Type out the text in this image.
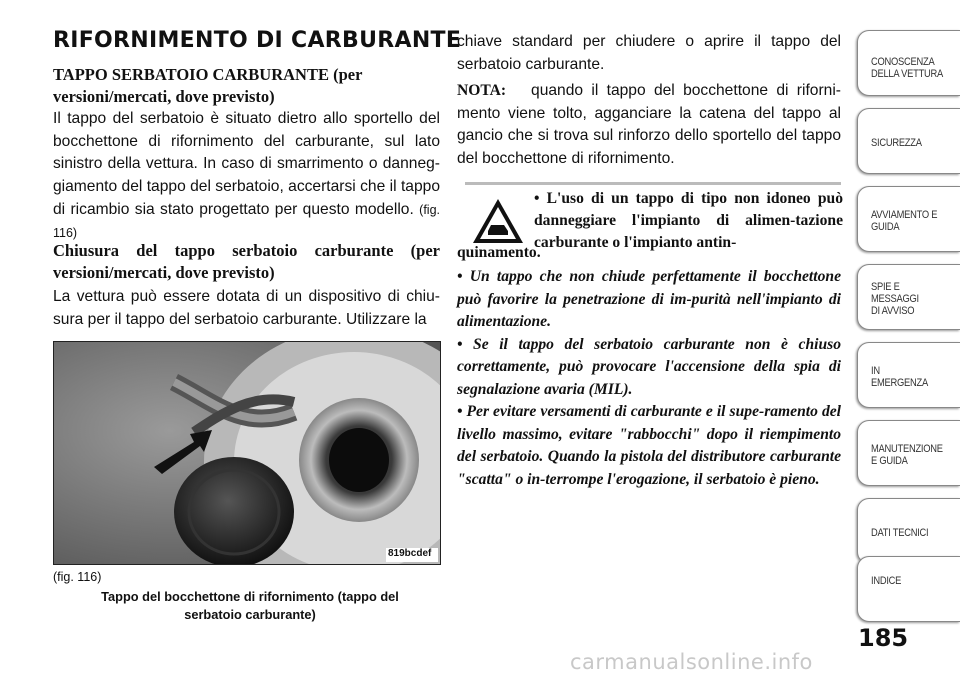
RIFORNIMENTO DI CARBURANTE
TAPPO SERBATOIO CARBURANTE (per versioni/mercati, dove previsto)
Il tappo del serbatoio è situato dietro allo sportello del bocchettone di rifornimento del carburante, sul lato sinistro della vettura. In caso di smarrimento o danneg-giamento del tappo del serbatoio, accertarsi che il tappo di ricambio sia stato progettato per questo modello. (fig. 116)
Chiusura del tappo serbatoio carburante (per versioni/mercati, dove previsto)
La vettura può essere dotata di un dispositivo di chiu-sura per il tappo del serbatoio carburante. Utilizzare la
819bcdef
(fig. 116)
Tappo del bocchettone di rifornimento (tappo del serbatoio carburante)
chiave standard per chiudere o aprire il tappo del serbatoio carburante.
NOTA: quando il tappo del bocchettone di riforni-mento viene tolto, agganciare la catena del tappo al gancio che si trova sul rinforzo dello sportello del tappo del bocchettone di rifornimento.
• L'uso di un tappo di tipo non idoneo può danneggiare l'impianto di alimen-tazione carburante o l'impianto antin-
quinamento.

• Un tappo che non chiude perfettamente il bocchettone può favorire la penetrazione di im-purità nell'impianto di alimentazione.

• Se il tappo del serbatoio carburante non è chiuso correttamente, può provocare l'accensione della spia di segnalazione avaria (MIL).

• Per evitare versamenti di carburante e il supe-ramento del livello massimo, evitare "rabbocchi" dopo il riempimento del serbatoio. Quando la pistola del distributore carburante "scatta" o in-terrompe l'erogazione, il serbatoio è pieno.

CONOSCENZA
DELLA VETTURA
SICUREZZA
AVVIAMENTO E
GUIDA
SPIE E
MESSAGGI
DI AVVISO
IN
EMERGENZA
MANUTENZIONE
E GUIDA
DATI TECNICI
INDICE
185
carmanualsonline.info
